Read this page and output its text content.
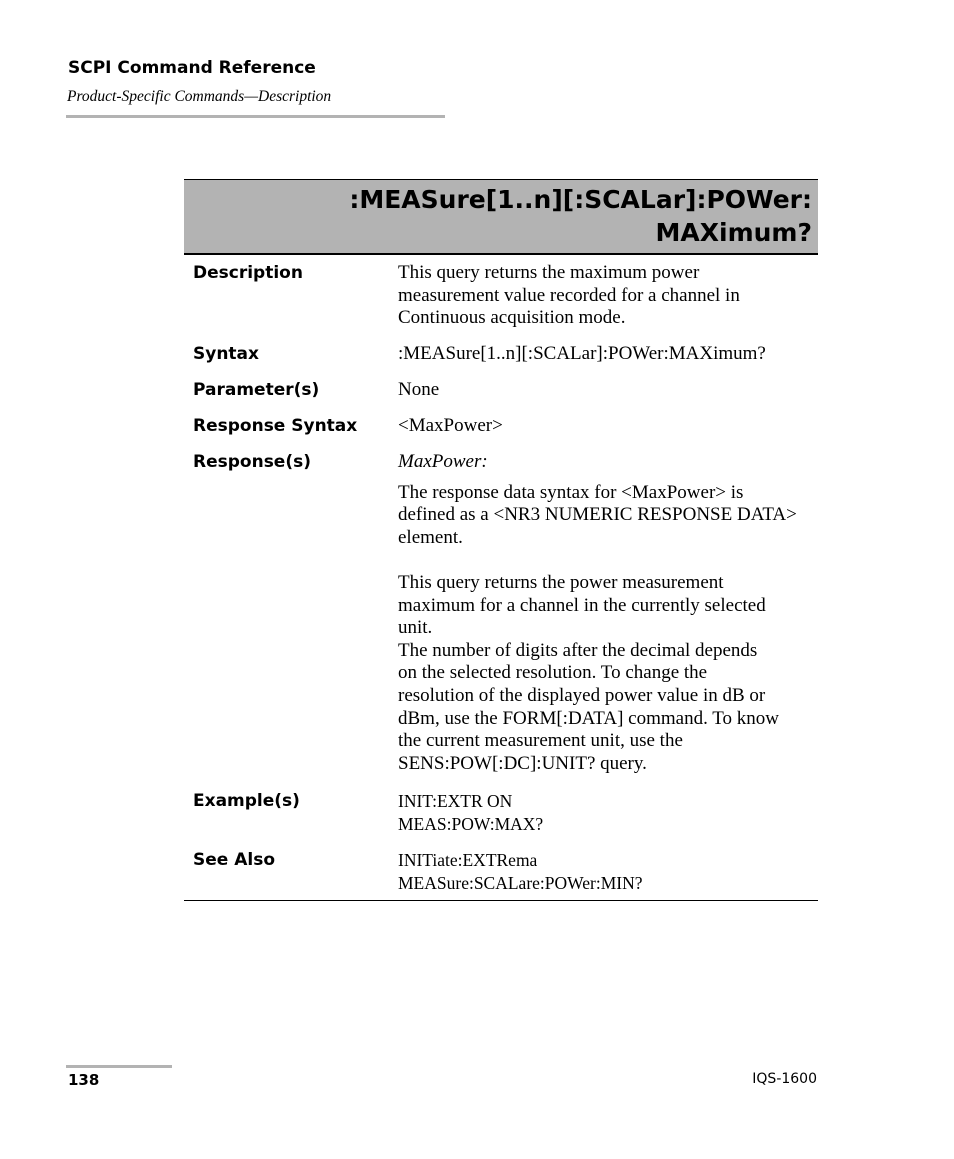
SCPI Command Reference
Product-Specific Commands—Description
:MEASure[1..n][:SCALar]:POWer:
MAXimum?
Description	This query returns the maximum power

measurement value recorded for a channel in

Continuous acquisition mode.

Syntax	:MEASure[1..n][:SCALar]:POWer:MAXimum?
Parameter(s)	None
Response Syntax <MaxPower>
Response(s)	MaxPower:

The response data syntax for <MaxPower> is

defined as a <NR3 NUMERIC RESPONSE DATA>

element.

This query returns the power measurement

maximum for a channel in the currently selected

unit.

The number of digits after the decimal depends

on the selected resolution. To change the

resolution of the displayed power value in dB or

dBm, use the FORM[:DATA] command. To know

the current measurement unit, use the

SENS:POW[:DC]:UNIT? query.

Example(s)	INIT:EXTR ON

MEAS:POW:MAX?

See Also	INITiate:EXTRema

MEASure:SCALare:POWer:MIN?

138	IQS-1600
